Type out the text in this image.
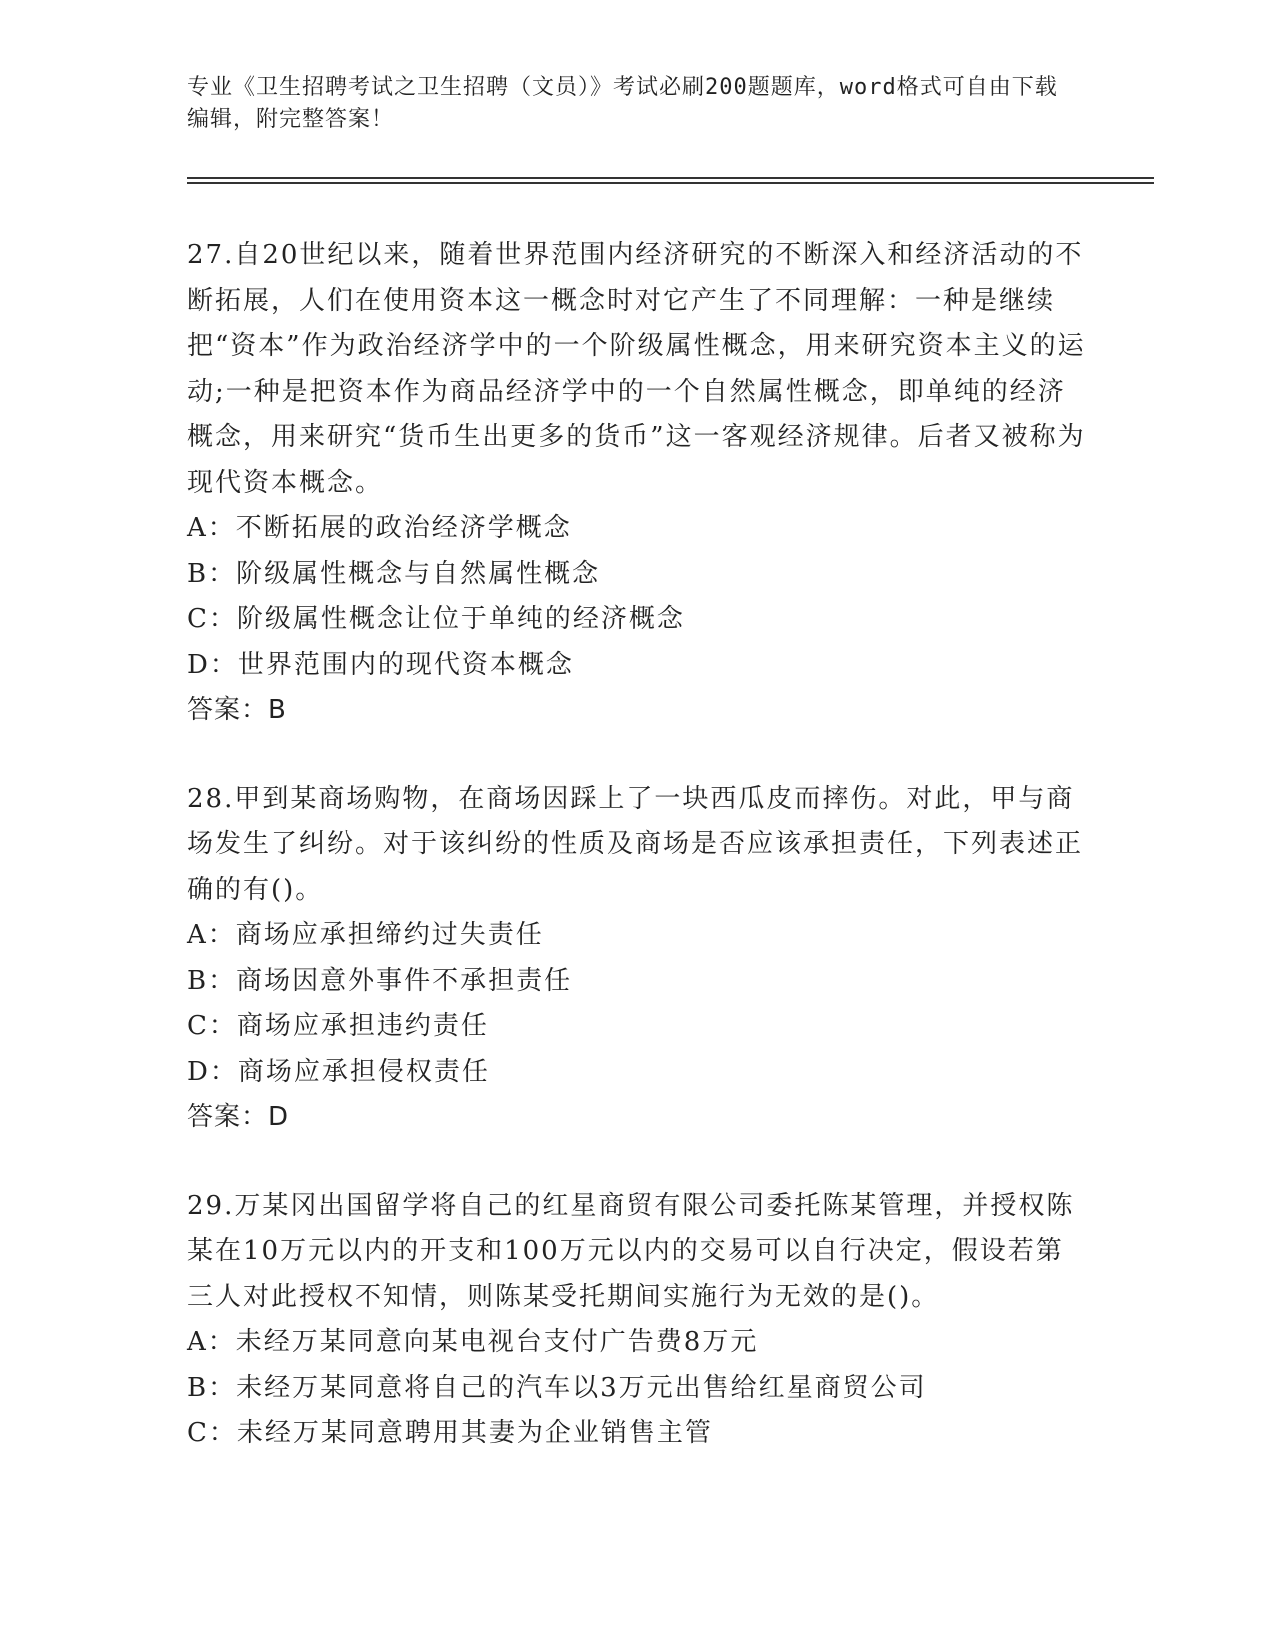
专业《卫生招聘考试之卫生招聘（文员）》考试必刷200题题库，word格式可自由下载编辑，附完整答案！

27.自20世纪以来，随着世界范围内经济研究的不断深入和经济活动的不断拓展，人们在使用资本这一概念时对它产生了不同理解：一种是继续把“资本”作为政治经济学中的一个阶级属性概念，用来研究资本主义的运动;一种是把资本作为商品经济学中的一个自然属性概念，即单纯的经济概念，用来研究“货币生出更多的货币”这一客观经济规律。后者又被称为现代资本概念。

A：不断拓展的政治经济学概念

B：阶级属性概念与自然属性概念

C：阶级属性概念让位于单纯的经济概念

D：世界范围内的现代资本概念

答案：B

28.甲到某商场购物，在商场因踩上了一块西瓜皮而摔伤。对此，甲与商场发生了纠纷。对于该纠纷的性质及商场是否应该承担责任，下列表述正确的有()。

A：商场应承担缔约过失责任

B：商场因意外事件不承担责任

C：商场应承担违约责任

D：商场应承担侵权责任

答案：D

29.万某冈出国留学将自己的红星商贸有限公司委托陈某管理，并授权陈某在10万元以内的开支和100万元以内的交易可以自行决定，假设若第三人对此授权不知情，则陈某受托期间实施行为无效的是()。

A：未经万某同意向某电视台支付广告费8万元

B：未经万某同意将自己的汽车以3万元出售给红星商贸公司

C：未经万某同意聘用其妻为企业销售主管
